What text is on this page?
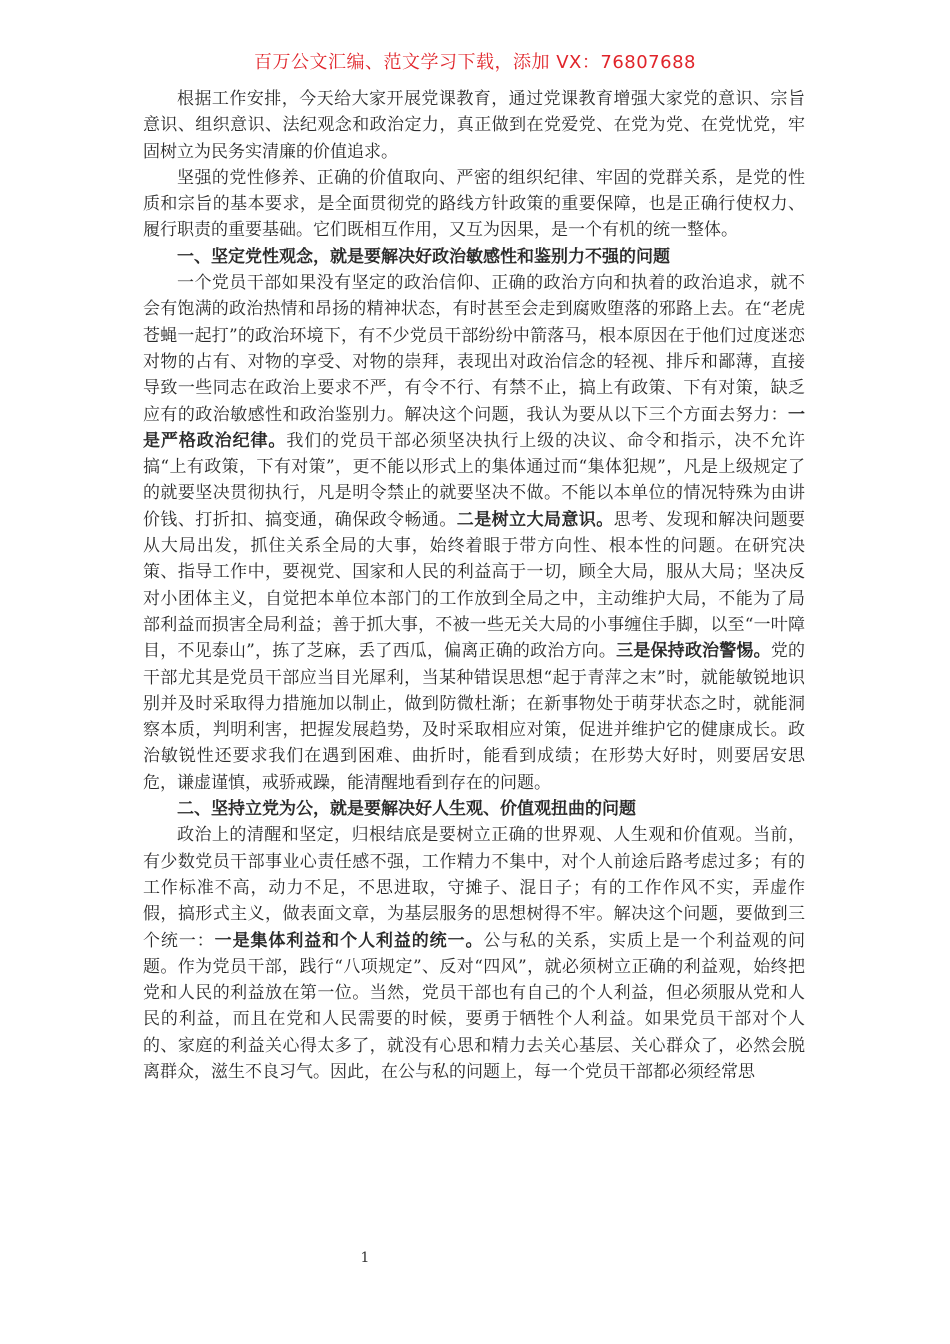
百万公文汇编、范文学习下载，添加 VX：76807688

根据工作安排，今天给大家开展党课教育，通过党课教育增强大家党的意识、宗旨意识、组织意识、法纪观念和政治定力，真正做到在党爱党、在党为党、在党忧党，牢固树立为民务实清廉的价值追求。

坚强的党性修养、正确的价值取向、严密的组织纪律、牢固的党群关系，是党的性质和宗旨的基本要求，是全面贯彻党的路线方针政策的重要保障，也是正确行使权力、履行职责的重要基础。它们既相互作用，又互为因果，是一个有机的统一整体。

一、坚定党性观念，就是要解决好政治敏感性和鉴别力不强的问题

一个党员干部如果没有坚定的政治信仰、正确的政治方向和执着的政治追求，就不会有饱满的政治热情和昂扬的精神状态，有时甚至会走到腐败堕落的邪路上去。在“老虎苍蝇一起打”的政治环境下，有不少党员干部纷纷中箭落马，根本原因在于他们过度迷恋对物的占有、对物的享受、对物的崇拜，表现出对政治信念的轻视、排斥和鄙薄，直接导致一些同志在政治上要求不严，有令不行、有禁不止，搞上有政策、下有对策，缺乏应有的政治敏感性和政治鉴别力。解决这个问题，我认为要从以下三个方面去努力：一是严格政治纪律。我们的党员干部必须坚决执行上级的决议、命令和指示，决不允许搞“上有政策，下有对策”，更不能以形式上的集体通过而“集体犯规”，凡是上级规定了的就要坚决贯彻执行，凡是明令禁止的就要坚决不做。不能以本单位的情况特殊为由讲价钱、打折扣、搞变通，确保政令畅通。二是树立大局意识。思考、发现和解决问题要从大局出发，抓住关系全局的大事，始终着眼于带方向性、根本性的问题。在研究决策、指导工作中，要视党、国家和人民的利益高于一切，顾全大局，服从大局；坚决反对小团体主义，自觉把本单位本部门的工作放到全局之中，主动维护大局，不能为了局部利益而损害全局利益；善于抓大事，不被一些无关大局的小事缠住手脚，以至“一叶障目，不见泰山”，拣了芝麻，丢了西瓜，偏离正确的政治方向。三是保持政治警惕。党的干部尤其是党员干部应当目光犀利，当某种错误思想“起于青萍之末”时，就能敏锐地识别并及时采取得力措施加以制止，做到防微杜渐；在新事物处于萌芽状态之时，就能洞察本质，判明利害，把握发展趋势，及时采取相应对策，促进并维护它的健康成长。政治敏锐性还要求我们在遇到困难、曲折时，能看到成绩；在形势大好时，则要居安思危，谦虚谨慎，戒骄戒躁，能清醒地看到存在的问题。

二、坚持立党为公，就是要解决好人生观、价值观扭曲的问题

政治上的清醒和坚定，归根结底是要树立正确的世界观、人生观和价值观。当前，有少数党员干部事业心责任感不强，工作精力不集中，对个人前途后路考虑过多；有的工作标准不高，动力不足，不思进取，守摊子、混日子；有的工作作风不实，弄虚作假，搞形式主义，做表面文章，为基层服务的思想树得不牢。解决这个问题，要做到三个统一：一是集体利益和个人利益的统一。公与私的关系，实质上是一个利益观的问题。作为党员干部，践行“八项规定”、反对“四风”，就必须树立正确的利益观，始终把党和人民的利益放在第一位。当然，党员干部也有自己的个人利益，但必须服从党和人民的利益，而且在党和人民需要的时候，要勇于牺牲个人利益。如果党员干部对个人的、家庭的利益关心得太多了，就没有心思和精力去关心基层、关心群众了，必然会脱离群众，滋生不良习气。因此，在公与私的问题上，每一个党员干部都必须经常思

1
